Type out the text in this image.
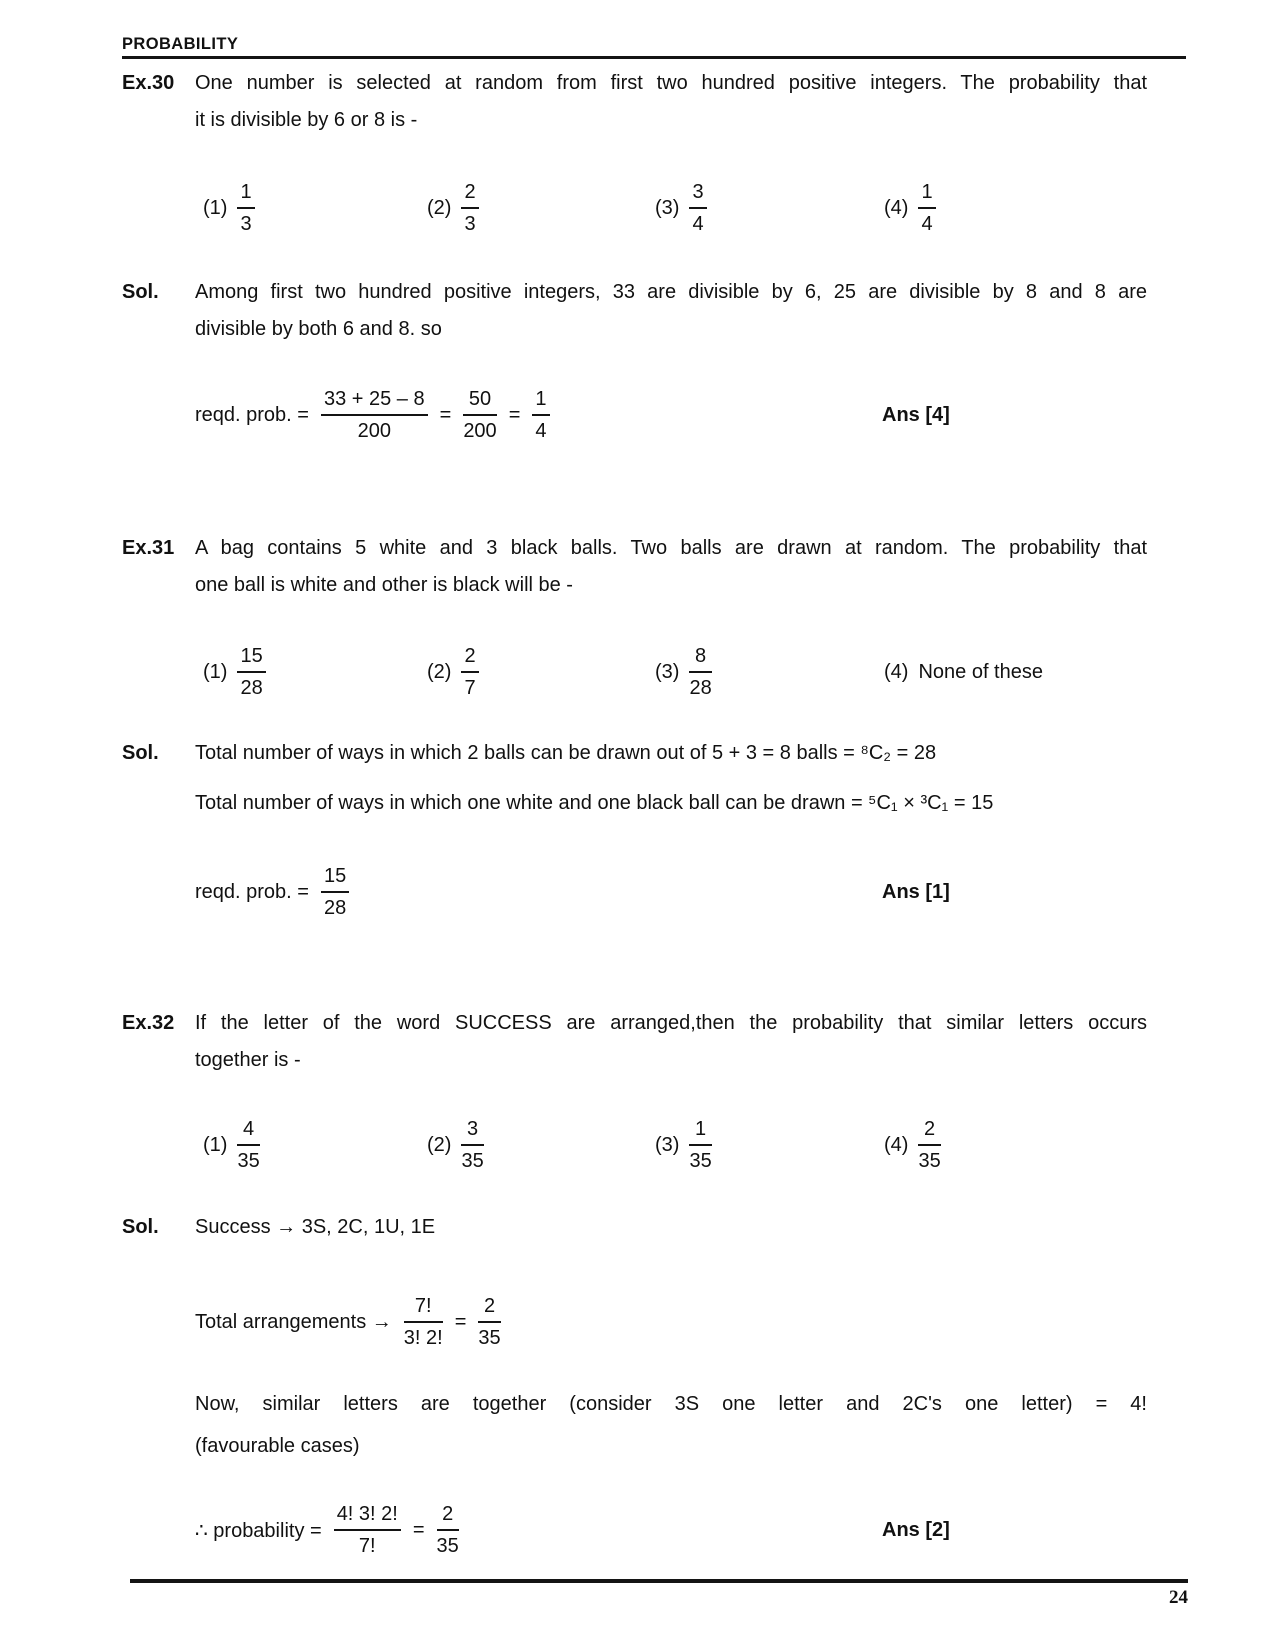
PROBABILITY
Ex.30	One number is selected at random from first two hundred positive integers. The probability that
it is divisible by 6 or 8 is -
$(1) \frac{1}{3}$	$(2) \frac{2}{3}$	$(3) \frac{3}{4}$	$(4) \frac{1}{4}$
Sol.	Among first two hundred positive integers, 33 are divisible by 6, 25 are divisible by 8 and 8 are
divisible by both 6 and 8. so
reqd. prob. = $\frac{33 + 25 - 8}{200} = \frac{50}{200} = \frac{1}{4}$	Ans [4]
Ex.31	A bag contains 5 white and 3 black balls. Two balls are drawn at random. The probability that
one ball is white and other is black will be -
$(1) \frac{15}{28}$	$(2) \frac{2}{7}$	$(3) \frac{8}{28}$	(4) None of these
Sol.	Total number of ways in which 2 balls can be drawn out of 5 + 3 = 8 balls = ⁸C₂ = 28
Total number of ways in which one white and one black ball can be drawn = ⁵C₁ × ³C₁ = 15
reqd. prob. = $\frac{15}{28}$	Ans [1]
Ex.32	If the letter of the word SUCCESS are arranged,then the probability that similar letters occurs
together is -
$(1) \frac{4}{35}$	$(2) \frac{3}{35}$	$(3) \frac{1}{35}$	$(4) \frac{2}{35}$
Sol.	Success → 3S, 2C, 1U, 1E
Total arrangements → $\frac{7!}{3! 2!} = \frac{2}{35}$
Now, similar letters are together (consider 3S one letter and 2C's one letter) = 4!
(favourable cases)
∴ probability = $\frac{4! 3! 2!}{7!} = \frac{2}{35}$	Ans [2]
24
